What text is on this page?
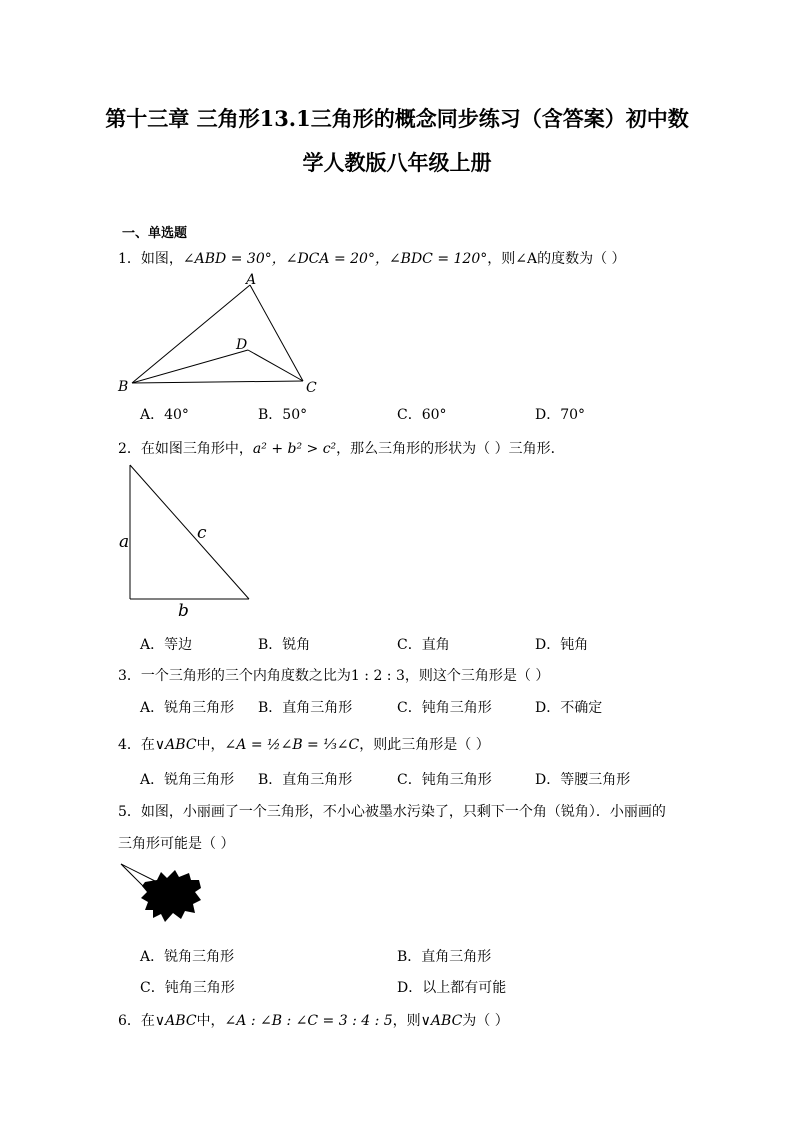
第十三章 三角形13.1三角形的概念同步练习（含答案）初中数
学人教版八年级上册
一、单选题
1．如图，∠ABD = 30°，∠DCA = 20°，∠BDC = 120°，则∠A的度数为（ ）
A
D
B	C
A．40°	B．50°	C．60°	D．70°
2．在如图三角形中，a² + b² > c²，那么三角形的形状为（ ）三角形．
a	c
b
A．等边	B．锐角	C．直角	D．钝角
3．一个三角形的三个内角度数之比为1 : 2 : 3，则这个三角形是（ ）
A．锐角三角形 B．直角三角形	C．钝角三角形	D．不确定
4．在∨ABC中，∠A = ½∠B = ⅓∠C，则此三角形是（ ）
A．锐角三角形 B．直角三角形	C．钝角三角形	D．等腰三角形
5．如图，小丽画了一个三角形，不小心被墨水污染了，只剩下一个角（锐角）．小丽画的
三角形可能是（ ）
A．锐角三角形	B．直角三角形
C．钝角三角形	D．以上都有可能
6．在∨ABC中，∠A : ∠B : ∠C = 3 : 4 : 5，则∨ABC为（ ）
